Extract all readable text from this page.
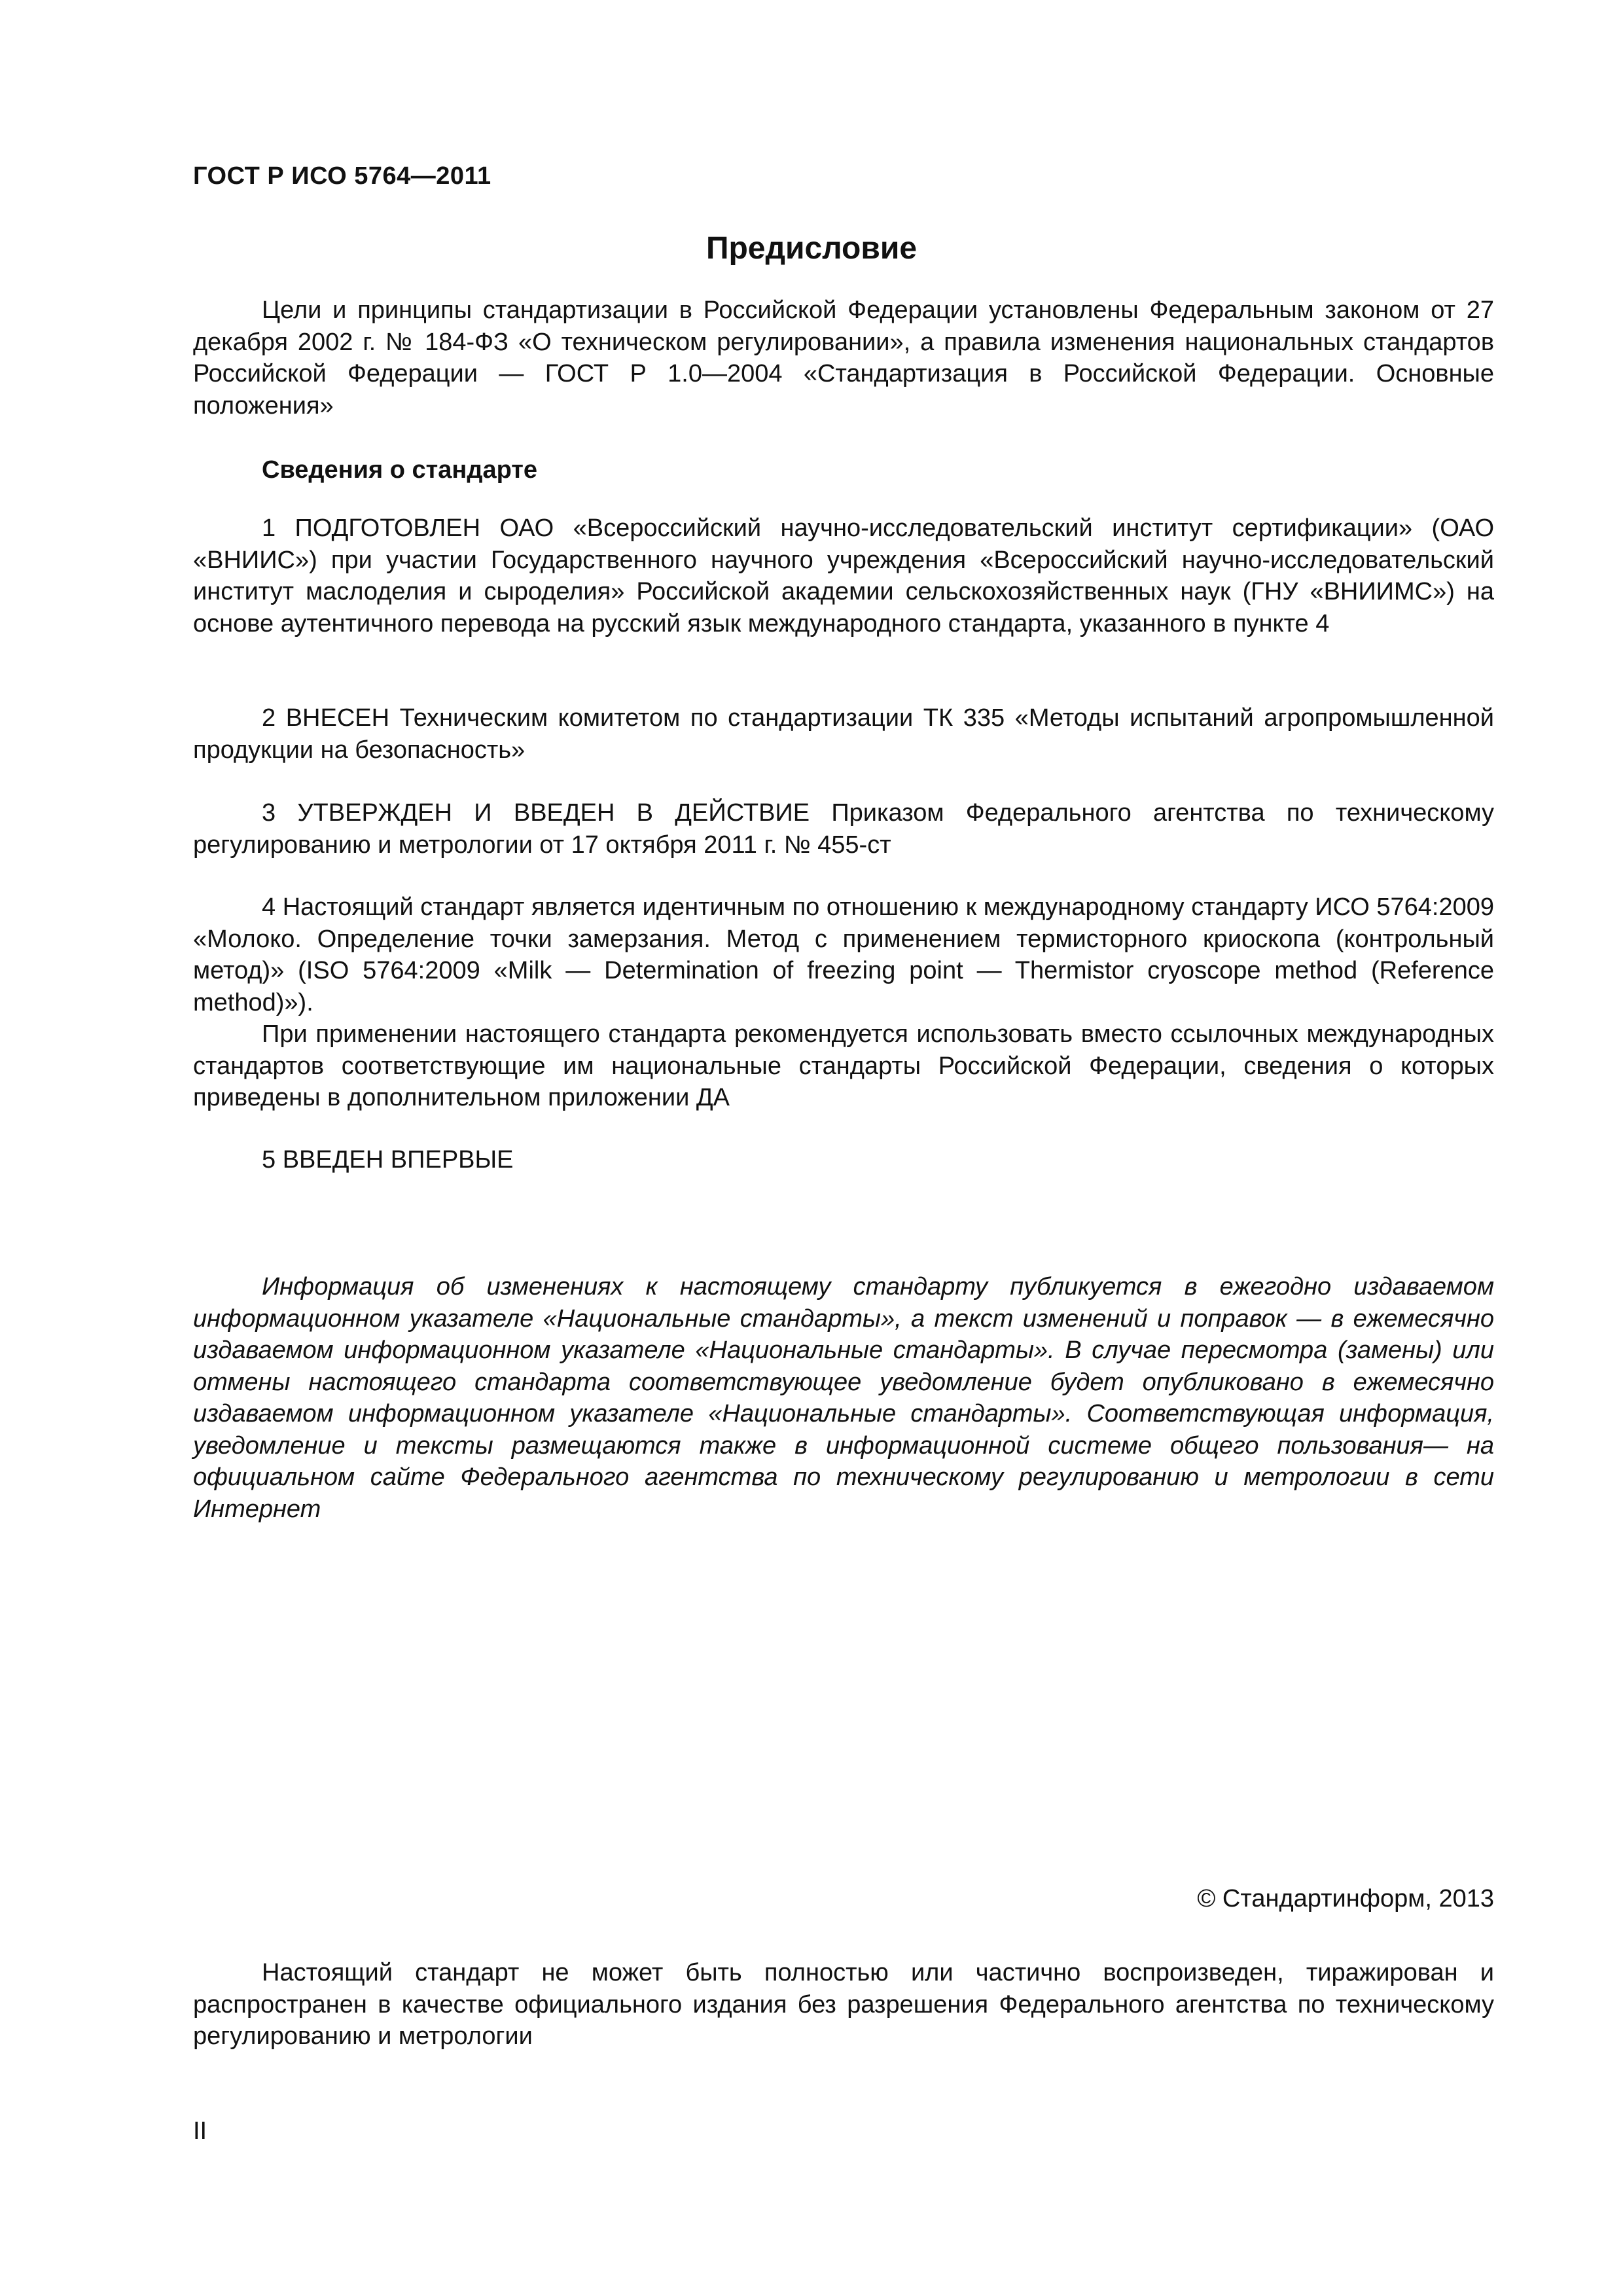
ГОСТ Р ИСО 5764—2011
Предисловие

Цели и принципы стандартизации в Российской Федерации установлены Федеральным законом от 27 декабря 2002 г. № 184-ФЗ «О техническом регулировании», а правила изменения национальных стандартов Российской Федерации — ГОСТ Р 1.0—2004 «Стандартизация в Российской Федерации. Основные положения»

Сведения о стандарте

1 ПОДГОТОВЛЕН ОАО «Всероссийский научно-исследовательский институт сертификации» (ОАО «ВНИИС») при участии Государственного научного учреждения «Всероссийский научно-исследовательский институт маслоделия и сыроделия» Российской академии сельскохозяйственных наук (ГНУ «ВНИИМС») на основе аутентичного перевода на русский язык международного стандарта, указанного в пункте 4

2 ВНЕСЕН Техническим комитетом по стандартизации ТК 335 «Методы испытаний агропромышленной продукции на безопасность»

3 УТВЕРЖДЕН И ВВЕДЕН В ДЕЙСТВИЕ Приказом Федерального агентства по техническому регулированию и метрологии от 17 октября 2011 г. № 455-ст

4 Настоящий стандарт является идентичным по отношению к международному стандарту ИСО 5764:2009 «Молоко. Определение точки замерзания. Метод с применением термисторного криоскопа (контрольный метод)» (ISO 5764:2009 «Milk — Determination of freezing point — Thermistor cryoscope method (Reference method)»).

При применении настоящего стандарта рекомендуется использовать вместо ссылочных международных стандартов соответствующие им национальные стандарты Российской Федерации, сведения о которых приведены в дополнительном приложении ДА

5 ВВЕДЕН ВПЕРВЫЕ

Информация об изменениях к настоящему стандарту публикуется в ежегодно издаваемом информационном указателе «Национальные стандарты», а текст изменений и поправок — в ежемесячно издаваемом информационном указателе «Национальные стандарты». В случае пересмотра (замены) или отмены настоящего стандарта соответствующее уведомление будет опубликовано в ежемесячно издаваемом информационном указателе «Национальные стандарты». Соответствующая информация, уведомление и тексты размещаются также в информационной системе общего пользования— на официальном сайте Федерального агентства по техническому регулированию и метрологии в сети Интернет

© Стандартинформ, 2013

Настоящий стандарт не может быть полностью или частично воспроизведен, тиражирован и распространен в качестве официального издания без разрешения Федерального агентства по техническому регулированию и метрологии

II
